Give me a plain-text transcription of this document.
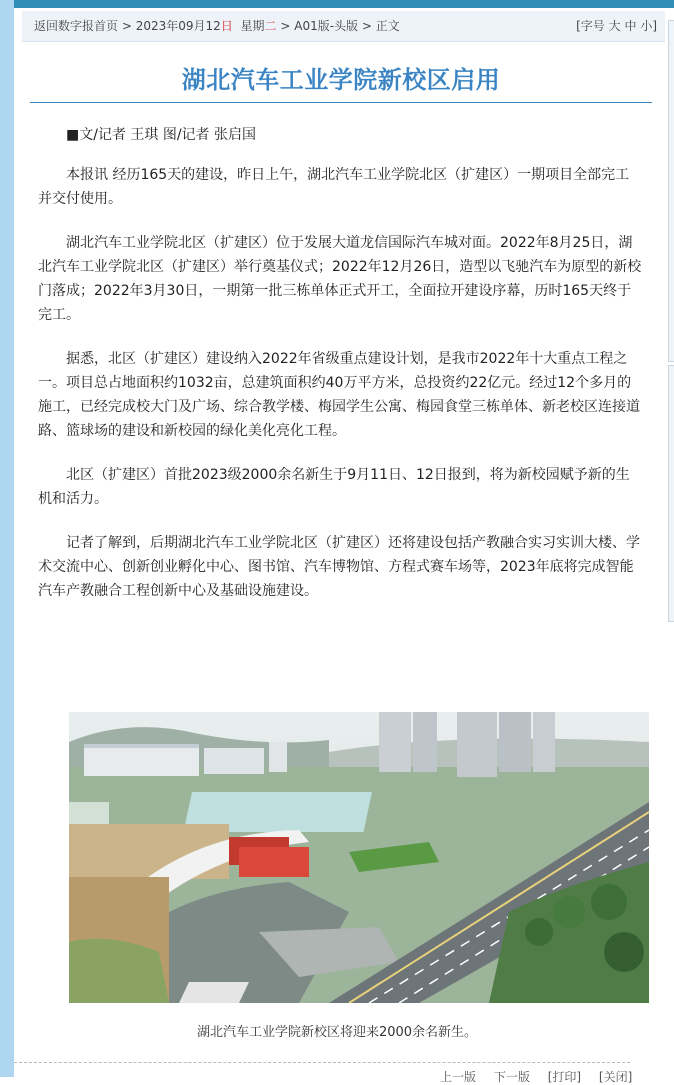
返回数字报首页 > 2023年09月12日 星期二 > A01版-头版 > 正文	[字号 大 中 小]
湖北汽车工业学院新校区启用

■文/记者 王琪 图/记者 张启国

本报讯 经历165天的建设，昨日上午，湖北汽车工业学院北区（扩建区）一期项目全部完工并交付使用。

湖北汽车工业学院北区（扩建区）位于发展大道龙信国际汽车城对面。2022年8月25日，湖北汽车工业学院北区（扩建区）举行奠基仪式；2022年12月26日，造型以飞驰汽车为原型的新校门落成；2022年3月30日，一期第一批三栋单体正式开工，全面拉开建设序幕，历时165天终于完工。

据悉，北区（扩建区）建设纳入2022年省级重点建设计划，是我市2022年十大重点工程之一。项目总占地面积约1032亩，总建筑面积约40万平方米，总投资约22亿元。经过12个多月的施工，已经完成校大门及广场、综合教学楼、梅园学生公寓、梅园食堂三栋单体、新老校区连接道路、篮球场的建设和新校园的绿化美化亮化工程。

北区（扩建区）首批2023级2000余名新生于9月11日、12日报到，将为新校园赋予新的生机和活力。

记者了解到，后期湖北汽车工业学院北区（扩建区）还将建设包括产教融合实习实训大楼、学术交流中心、创新创业孵化中心、图书馆、汽车博物馆、方程式赛车场等，2023年底将完成智能汽车产教融合工程创新中心及基础设施建设。

湖北汽车工业学院新校区将迎来2000余名新生。
上一版 下一版 [打印] [关闭]
